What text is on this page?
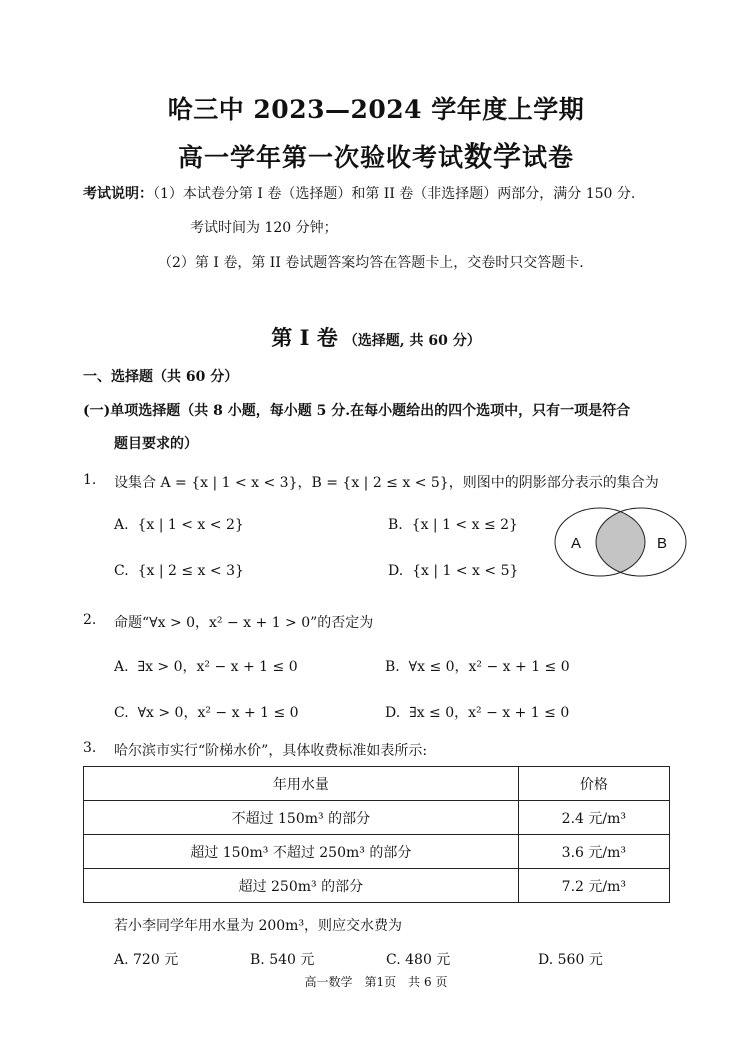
哈三中 2023—2024 学年度上学期
高一学年第一次验收考试数学试卷
考试说明：（1）本试卷分第 I 卷（选择题）和第 II 卷（非选择题）两部分，满分 150 分.
考试时间为 120 分钟；
（2）第 I 卷，第 II 卷试题答案均答在答题卡上，交卷时只交答题卡.
第 I 卷 （选择题, 共 60 分）
一、选择题（共 60 分）
(一)单项选择题（共 8 小题，每小题 5 分.在每小题给出的四个选项中，只有一项是符合
题目要求的）
1. 设集合 A = {x | 1 < x < 3}，B = {x | 2 ≤ x < 5}，则图中的阴影部分表示的集合为
A. {x | 1 < x < 2}	B. {x | 1 < x ≤ 2}
C. {x | 2 ≤ x < 3}	D. {x | 1 < x < 5}
A	B
2. 命题“∀x > 0，x² − x + 1 > 0”的否定为
A. ∃x > 0，x² − x + 1 ≤ 0	B. ∀x ≤ 0，x² − x + 1 ≤ 0
C. ∀x > 0，x² − x + 1 ≤ 0	D. ∃x ≤ 0，x² − x + 1 ≤ 0
3. 哈尔滨市实行“阶梯水价”，具体收费标准如表所示:
年用水量	价格
不超过 150m³ 的部分	2.4 元/m³
超过 150m³ 不超过 250m³ 的部分	3.6 元/m³
超过 250m³ 的部分	7.2 元/m³
若小李同学年用水量为 200m³，则应交水费为
A. 720 元	B. 540 元	C. 480 元	D. 560 元
高一数学　第1页　共 6 页
